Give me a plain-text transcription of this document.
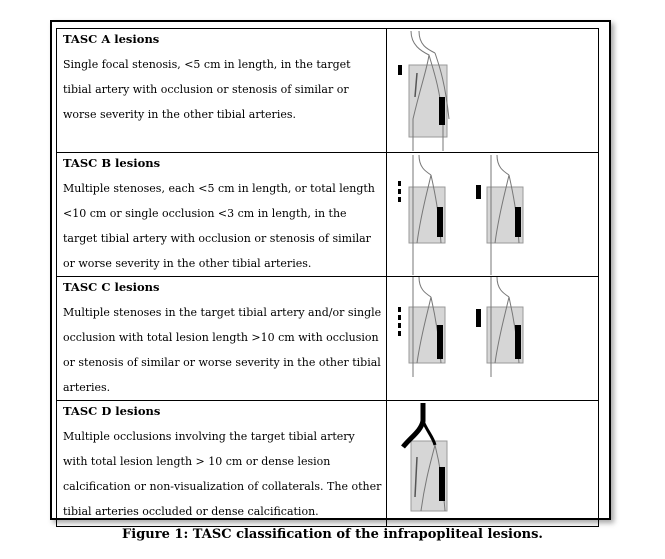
TASC A lesions

Single focal stenosis, <5 cm in length, in the target tibial artery with occlusion or stenosis of similar or worse severity in the other tibial arteries.

TASC B lesions

Multiple stenoses, each <5 cm in length, or total length <10 cm or single occlusion <3 cm in length, in the target tibial artery with occlusion or stenosis of similar or worse severity in the other tibial arteries.

TASC C lesions

Multiple stenoses in the target tibial artery and/or single occlusion with total lesion length >10 cm with occlusion or stenosis of similar or worse severity in the other tibial arteries.

TASC D lesions

Multiple occlusions involving the target tibial artery with total lesion length > 10 cm or dense lesion calcification or non-visualization of collaterals. The other tibial arteries occluded or dense calcification.

Figure 1: TASC classification of the infrapopliteal lesions.
